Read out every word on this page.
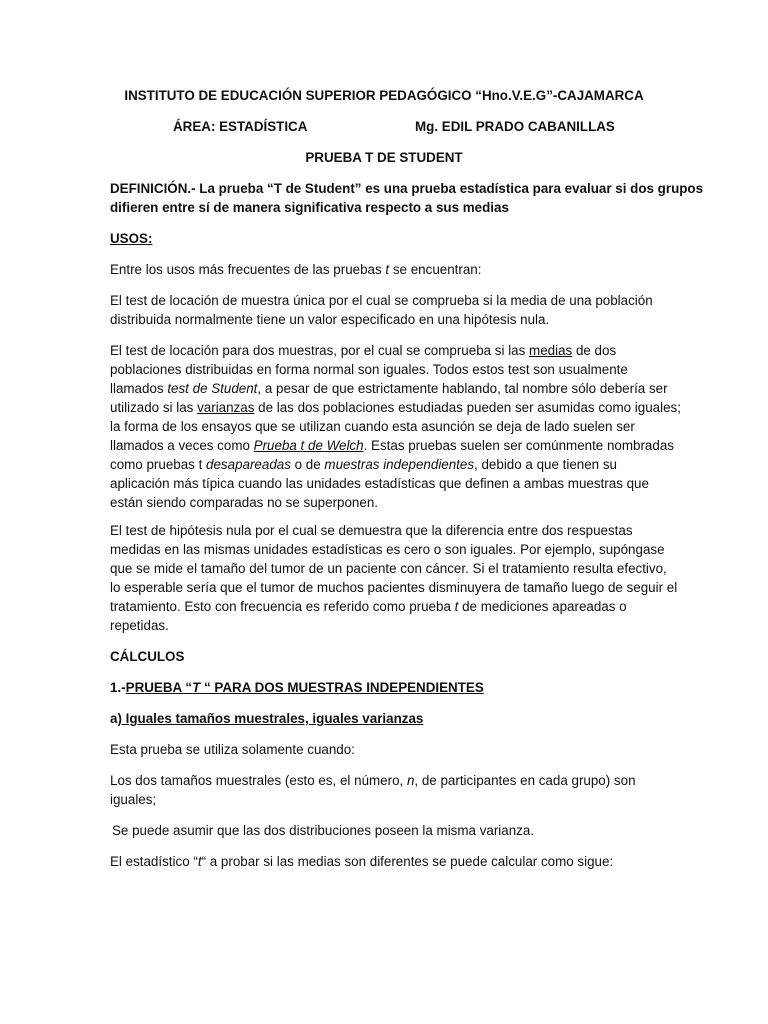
INSTITUTO DE EDUCACIÓN SUPERIOR PEDAGÓGICO “Hno.V.E.G”-CAJAMARCA

ÁREA: ESTADÍSTICA	Mg. EDIL PRADO CABANILLAS

PRUEBA T DE STUDENT

DEFINICIÓN.- La prueba “T de Student” es una prueba estadística para evaluar si dos grupos

difieren entre sí de manera significativa respecto a sus medias

USOS:

Entre los usos más frecuentes de las pruebas t se encuentran:

El test de locación de muestra única por el cual se comprueba si la media de una población

distribuida normalmente tiene un valor especificado en una hipótesis nula.

El test de locación para dos muestras, por el cual se comprueba si las medias de dos

poblaciones distribuidas en forma normal son iguales. Todos estos test son usualmente

llamados test de Student, a pesar de que estrictamente hablando, tal nombre sólo debería ser

utilizado si las varianzas de las dos poblaciones estudiadas pueden ser asumidas como iguales;

la forma de los ensayos que se utilizan cuando esta asunción se deja de lado suelen ser

llamados a veces como Prueba t de Welch. Estas pruebas suelen ser comúnmente nombradas

como pruebas t desapareadas o de muestras independientes, debido a que tienen su

aplicación más típica cuando las unidades estadísticas que definen a ambas muestras que

están siendo comparadas no se superponen.

El test de hipótesis nula por el cual se demuestra que la diferencia entre dos respuestas

medidas en las mismas unidades estadísticas es cero o son iguales. Por ejemplo, supóngase

que se mide el tamaño del tumor de un paciente con cáncer. Si el tratamiento resulta efectivo,

lo esperable sería que el tumor de muchos pacientes disminuyera de tamaño luego de seguir el

tratamiento. Esto con frecuencia es referido como prueba t de mediciones apareadas o

repetidas.

CÁLCULOS

1.-PRUEBA “T “ PARA DOS MUESTRAS INDEPENDIENTES

a) Iguales tamaños muestrales, iguales varianzas

Esta prueba se utiliza solamente cuando:

Los dos tamaños muestrales (esto es, el número, n, de participantes en cada grupo) son

iguales;

Se puede asumir que las dos distribuciones poseen la misma varianza.

El estadístico “t“ a probar si las medias son diferentes se puede calcular como sigue:
